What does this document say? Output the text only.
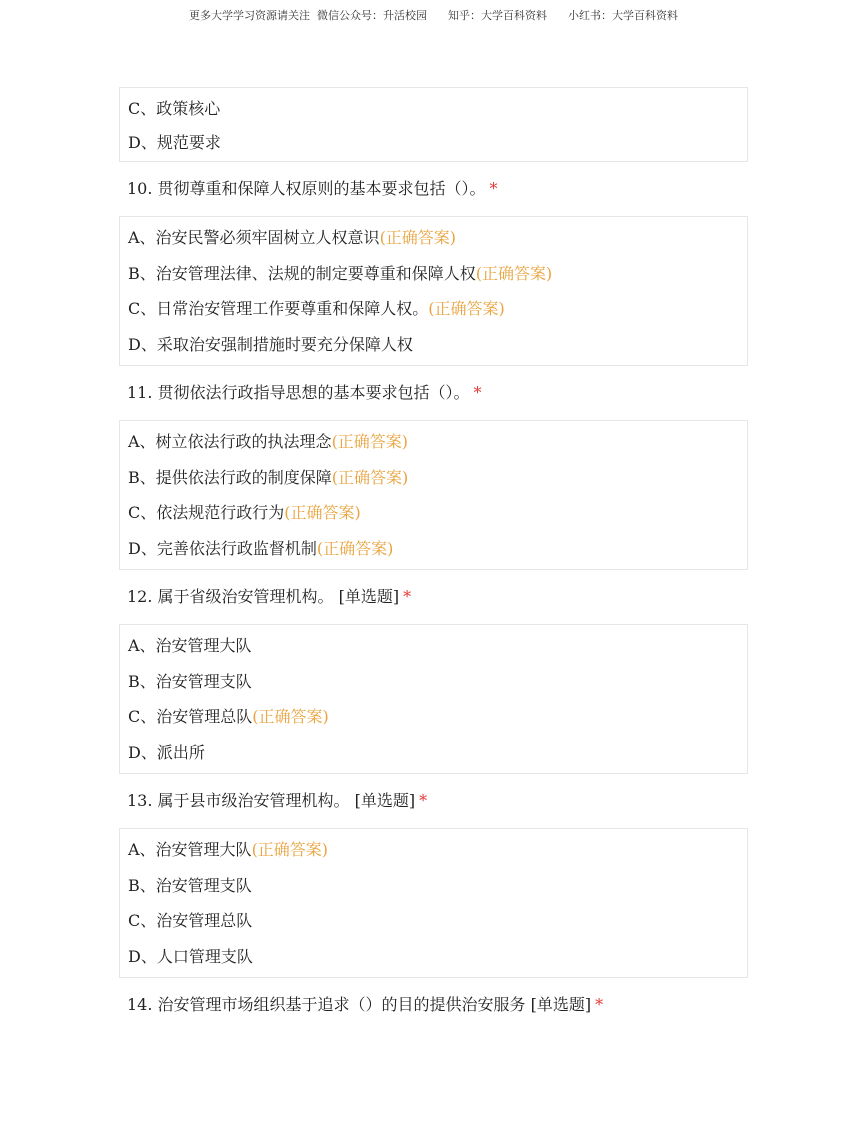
更多大学学习资源请关注  微信公众号：升活校园      知乎：大学百科资料      小红书：大学百科资料
C、政策核心
D、规范要求
10. 贯彻尊重和保障人权原则的基本要求包括（）。 *
A、治安民警必须牢固树立人权意识(正确答案)
B、治安管理法律、法规的制定要尊重和保障人权(正确答案)
C、日常治安管理工作要尊重和保障人权。(正确答案)
D、采取治安强制措施时要充分保障人权
11. 贯彻依法行政指导思想的基本要求包括（）。 *
A、树立依法行政的执法理念(正确答案)
B、提供依法行政的制度保障(正确答案)
C、依法规范行政行为(正确答案)
D、完善依法行政监督机制(正确答案)
12. 属于省级治安管理机构。 [单选题] *
A、治安管理大队
B、治安管理支队
C、治安管理总队(正确答案)
D、派出所
13. 属于县市级治安管理机构。 [单选题] *
A、治安管理大队(正确答案)
B、治安管理支队
C、治安管理总队
D、人口管理支队
14. 治安管理市场组织基于追求（）的目的提供治安服务 [单选题] *
